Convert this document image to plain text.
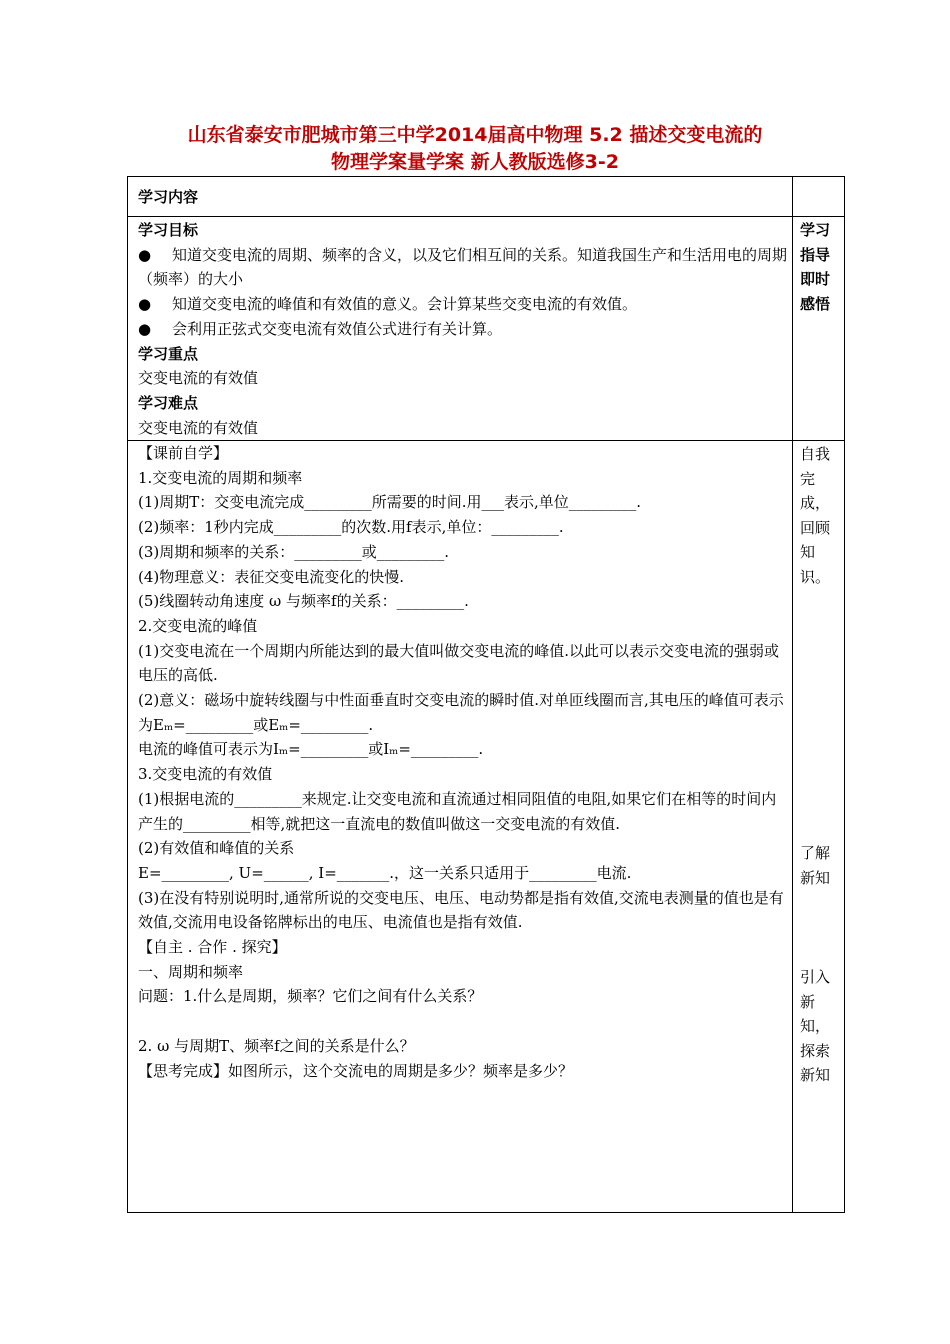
山东省泰安市肥城市第三中学2014届高中物理 5.2 描述交变电流的
物理学案量学案 新人教版选修3-2
学习内容
学习目标
● 知道交变电流的周期、频率的含义，以及它们相互间的关系。知道我国生产和生活用电的周期（频率）的大小
● 知道交变电流的峰值和有效值的意义。会计算某些交变电流的有效值。
● 会利用正弦式交变电流有效值公式进行有关计算。
学习重点
交变电流的有效值
学习难点
交变电流的有效值
学习
指导
即时
感悟
【课前自学】
1.交变电流的周期和频率
(1)周期T：交变电流完成_________所需要的时间.用___表示,单位_________.
(2)频率：1秒内完成_________的次数.用f表示,单位：_________.
(3)周期和频率的关系：_________或_________.
(4)物理意义：表征交变电流变化的快慢.
(5)线圈转动角速度 ω 与频率f的关系：_________.
2.交变电流的峰值
(1)交变电流在一个周期内所能达到的最大值叫做交变电流的峰值.以此可以表示交变电流的强弱或电压的高低.
(2)意义：磁场中旋转线圈与中性面垂直时交变电流的瞬时值.对单匝线圈而言,其电压的峰值可表示为Eₘ=_________或Eₘ=_________.
电流的峰值可表示为Iₘ=_________或Iₘ=_________.
3.交变电流的有效值
(1)根据电流的_________来规定.让交变电流和直流通过相同阻值的电阻,如果它们在相等的时间内产生的_________相等,就把这一直流电的数值叫做这一交变电流的有效值.
(2)有效值和峰值的关系
E=_________, U=______, I=_______.，这一关系只适用于_________电流.
(3)在没有特别说明时,通常所说的交变电压、电压、电动势都是指有效值,交流电表测量的值也是有效值,交流用电设备铭牌标出的电压、电流值也是指有效值.
【自主 . 合作 . 探究】
一、周期和频率
问题：1.什么是周期，频率？它们之间有什么关系？
2. ω 与周期T、频率f之间的关系是什么？
【思考完成】如图所示，这个交流电的周期是多少？频率是多少？
自我
完
成，
回顾
知
识。
了解
新知
引入
新
知，
探索
新知
